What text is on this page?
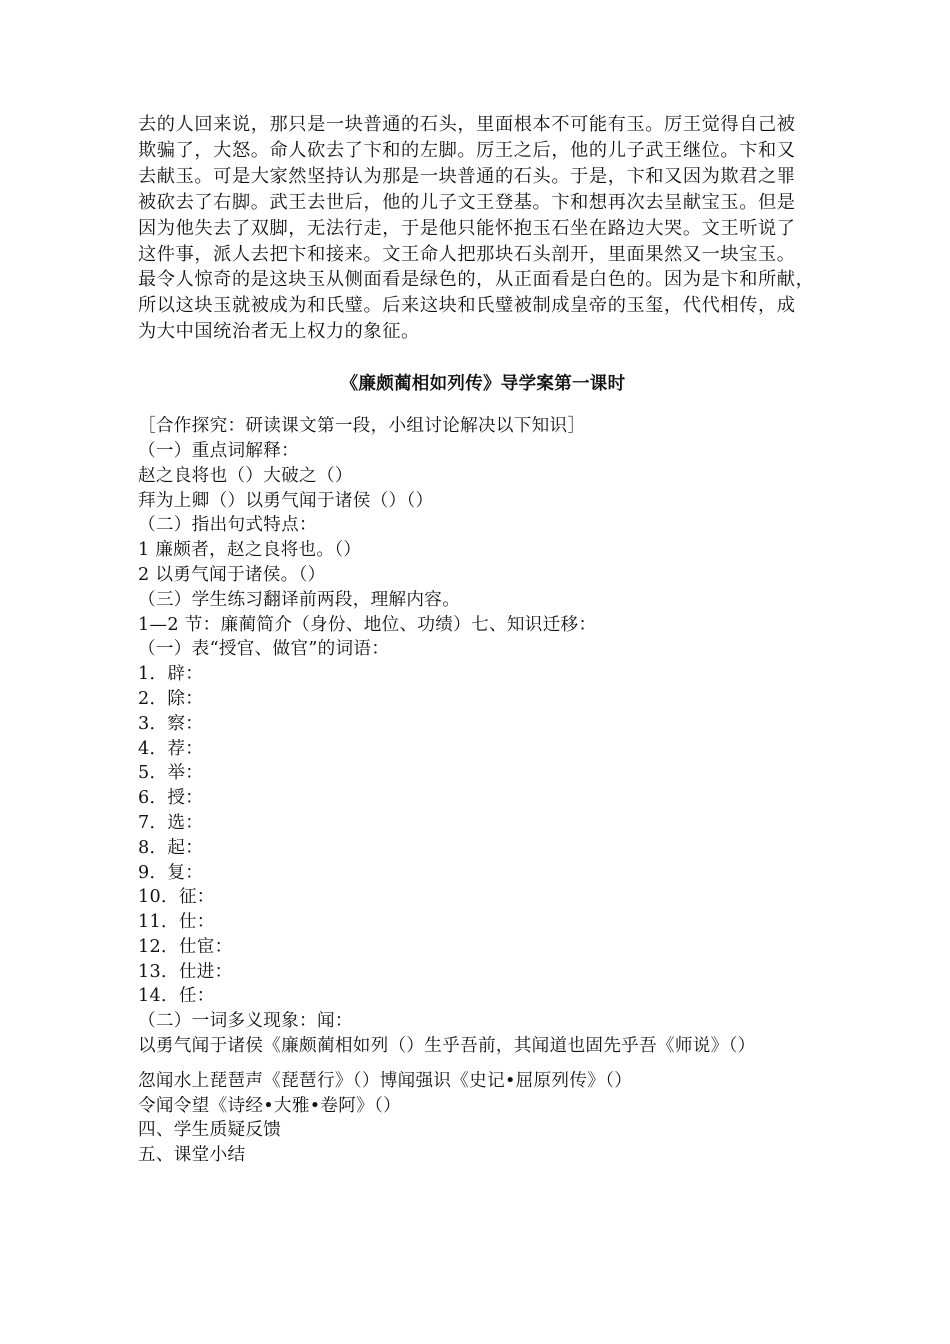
去的人回来说，那只是一块普通的石头，里面根本不可能有玉。厉王觉得自己被

欺骗了，大怒。命人砍去了卞和的左脚。厉王之后，他的儿子武王继位。卞和又

去献玉。可是大家然坚持认为那是一块普通的石头。于是，卞和又因为欺君之罪

被砍去了右脚。武王去世后，他的儿子文王登基。卞和想再次去呈献宝玉。但是

因为他失去了双脚，无法行走，于是他只能怀抱玉石坐在路边大哭。文王听说了

这件事，派人去把卞和接来。文王命人把那块石头剖开，里面果然又一块宝玉。

最令人惊奇的是这块玉从侧面看是绿色的，从正面看是白色的。因为是卞和所献，

所以这块玉就被成为和氏璧。后来这块和氏璧被制成皇帝的玉玺，代代相传，成

为大中国统治者无上权力的象征。

《廉颇蔺相如列传》导学案第一课时

［合作探究：研读课文第一段，小组讨论解决以下知识］

（一）重点词解释：

赵之良将也（）大破之（）

拜为上卿（）以勇气闻于诸侯（）（）

（二）指出句式特点：

1 廉颇者，赵之良将也。（）

2 以勇气闻于诸侯。（）

（三）学生练习翻译前两段，理解内容。

1—2 节：廉蔺简介（身份、地位、功绩）七、知识迁移：

（一）表“授官、做官”的词语：

1．辟：

2．除：

3．察：

4．荐：

5．举：

6．授：

7．选：

8．起：

9．复：

10．征：

11．仕：

12．仕宦：

13．仕进：

14．任：

（二）一词多义现象：闻：

以勇气闻于诸侯《廉颇蔺相如列（）生乎吾前，其闻道也固先乎吾《师说》（）

忽闻水上琵琶声《琵琶行》（）博闻强识《史记•屈原列传》（）

令闻令望《诗经•大雅•卷阿》（）

四、学生质疑反馈

五、课堂小结
